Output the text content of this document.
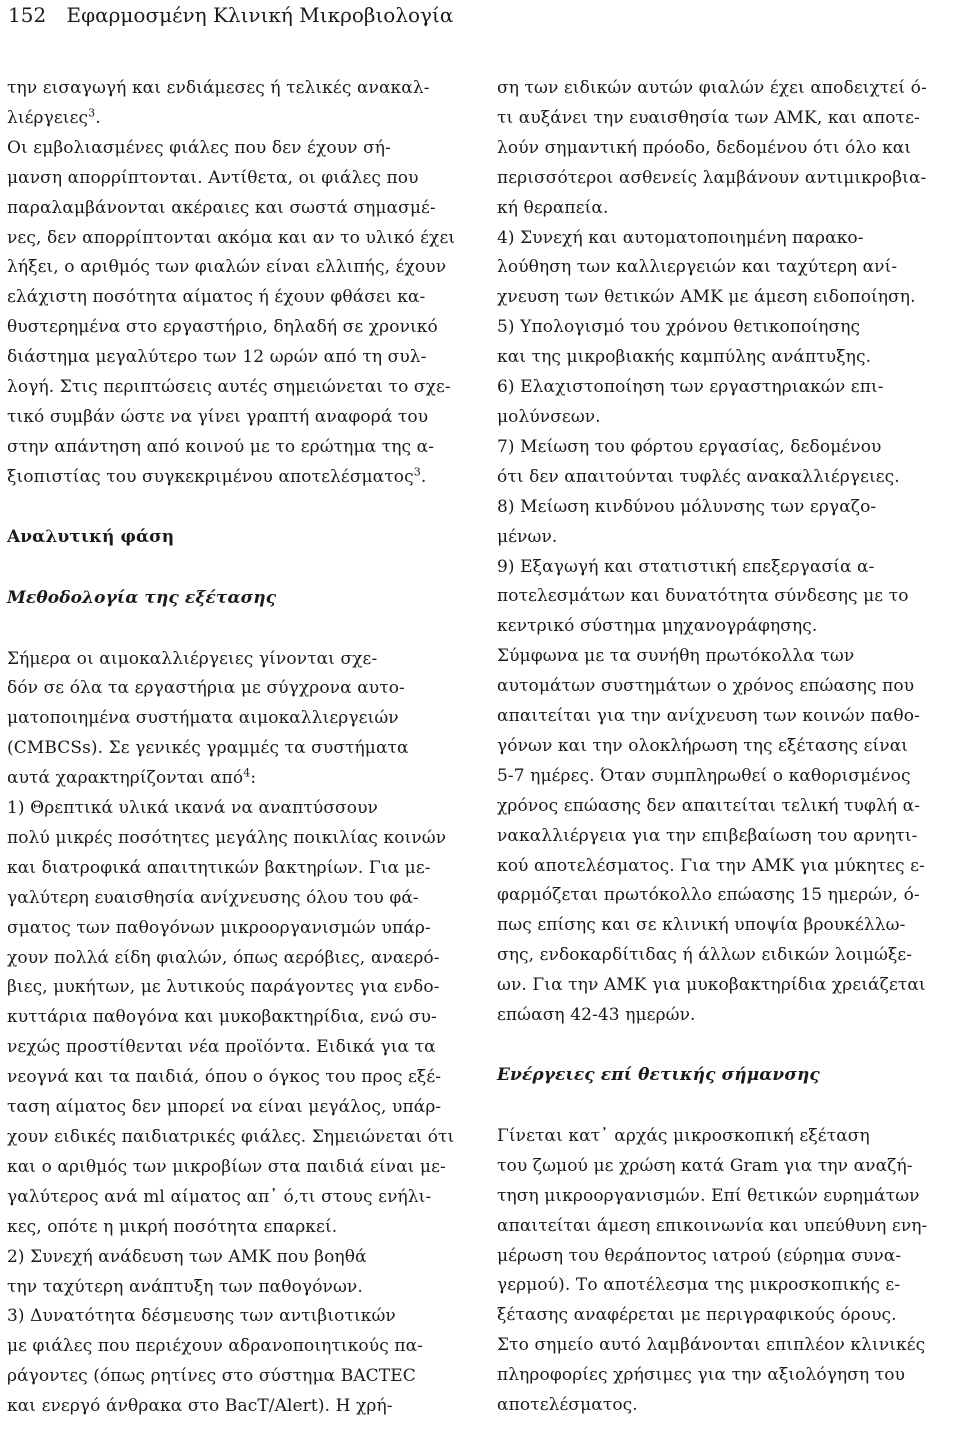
152 Εφαρμοσμένη Κλινική Μικροβιολογία

την εισαγωγή και ενδιάμεσες ή τελικές ανακαλ-
λιέργειες$^3$.

Οι εμβολιασμένες φιάλες που δεν έχουν σή-
μανση απορρίπτονται. Αντίθετα, οι φιάλες που
παραλαμβάνονται ακέραιες και σωστά σημασμέ-
νες, δεν απορρίπτονται ακόμα και αν το υλικό έχει
λήξει, ο αριθμός των φιαλών είναι ελλιπής, έχουν
ελάχιστη ποσότητα αίματος ή έχουν φθάσει κα-
θυστερημένα στο εργαστήριο, δηλαδή σε χρονικό
διάστημα μεγαλύτερο των 12 ωρών από τη συλ-
λογή. Στις περιπτώσεις αυτές σημειώνεται το σχε-
τικό συμβάν ώστε να γίνει γραπτή αναφορά του
στην απάντηση από κοινού με το ερώτημα της α-
ξιοπιστίας του συγκεκριμένου αποτελέσματος$^3$.

Αναλυτική φάση

Μεθοδολογία της εξέτασης

Σήμερα οι αιμοκαλλιέργειες γίνονται σχε-
δόν σε όλα τα εργαστήρια με σύγχρονα αυτο-
ματοποιημένα συστήματα αιμοκαλλιεργειών
(CMBCSs). Σε γενικές γραμμές τα συστήματα
αυτά χαρακτηρίζονται από$^4$:

1) Θρεπτικά υλικά ικανά να αναπτύσσουν
πολύ μικρές ποσότητες μεγάλης ποικιλίας κοινών
και διατροφικά απαιτητικών βακτηρίων. Για με-
γαλύτερη ευαισθησία ανίχνευσης όλου του φά-
σματος των παθογόνων μικροοργανισμών υπάρ-
χουν πολλά είδη φιαλών, όπως αερόβιες, αναερό-
βιες, μυκήτων, με λυτικούς παράγοντες για ενδο-
κυττάρια παθογόνα και μυκοβακτηρίδια, ενώ συ-
νεχώς προστίθενται νέα προϊόντα. Ειδικά για τα
νεογνά και τα παιδιά, όπου ο όγκος του προς εξέ-
ταση αίματος δεν μπορεί να είναι μεγάλος, υπάρ-
χουν ειδικές παιδιατρικές φιάλες. Σημειώνεται ότι
και ο αριθμός των μικροβίων στα παιδιά είναι με-
γαλύτερος ανά ml αίματος απ᾽ ό,τι στους ενήλι-
κες, οπότε η μικρή ποσότητα επαρκεί.

2) Συνεχή ανάδευση των ΑΜΚ που βοηθά
την ταχύτερη ανάπτυξη των παθογόνων.

3) Δυνατότητα δέσμευσης των αντιβιοτικών
με φιάλες που περιέχουν αδρανοποιητικούς πα-
ράγοντες (όπως ρητίνες στο σύστημα BACTEC
και ενεργό άνθρακα στο BacT/Alert). Η χρή-

ση των ειδικών αυτών φιαλών έχει αποδειχτεί ό-
τι αυξάνει την ευαισθησία των ΑΜΚ, και αποτε-
λούν σημαντική πρόοδο, δεδομένου ότι όλο και
περισσότεροι ασθενείς λαμβάνουν αντιμικροβια-
κή θεραπεία.

4) Συνεχή και αυτοματοποιημένη παρακο-
λούθηση των καλλιεργειών και ταχύτερη ανί-
χνευση των θετικών ΑΜΚ με άμεση ειδοποίηση.

5) Υπολογισμό του χρόνου θετικοποίησης
και της μικροβιακής καμπύλης ανάπτυξης.

6) Ελαχιστοποίηση των εργαστηριακών επι-
μολύνσεων.

7) Μείωση του φόρτου εργασίας, δεδομένου
ότι δεν απαιτούνται τυφλές ανακαλλιέργειες.

8) Μείωση κινδύνου μόλυνσης των εργαζο-
μένων.

9) Εξαγωγή και στατιστική επεξεργασία α-
ποτελεσμάτων και δυνατότητα σύνδεσης με το
κεντρικό σύστημα μηχανογράφησης.

Σύμφωνα με τα συνήθη πρωτόκολλα των
αυτομάτων συστημάτων ο χρόνος επώασης που
απαιτείται για την ανίχνευση των κοινών παθο-
γόνων και την ολοκλήρωση της εξέτασης είναι
5-7 ημέρες. Όταν συμπληρωθεί ο καθορισμένος
χρόνος επώασης δεν απαιτείται τελική τυφλή α-
νακαλλιέργεια για την επιβεβαίωση του αρνητι-
κού αποτελέσματος. Για την ΑΜΚ για μύκητες ε-
φαρμόζεται πρωτόκολλο επώασης 15 ημερών, ό-
πως επίσης και σε κλινική υποψία βρουκέλλω-
σης, ενδοκαρδίτιδας ή άλλων ειδικών λοιμώξε-
ων. Για την ΑΜΚ για μυκοβακτηρίδια χρειάζεται
επώαση 42-43 ημερών.

Ενέργειες επί θετικής σήμανσης

Γίνεται κατ᾽ αρχάς μικροσκοπική εξέταση
του ζωμού με χρώση κατά Gram για την αναζή-
τηση μικροοργανισμών. Επί θετικών ευρημάτων
απαιτείται άμεση επικοινωνία και υπεύθυνη ενη-
μέρωση του θεράποντος ιατρού (εύρημα συνα-
γερμού). Το αποτέλεσμα της μικροσκοπικής ε-
ξέτασης αναφέρεται με περιγραφικούς όρους.
Στο σημείο αυτό λαμβάνονται επιπλέον κλινικές
πληροφορίες χρήσιμες για την αξιολόγηση του
αποτελέσματος.
